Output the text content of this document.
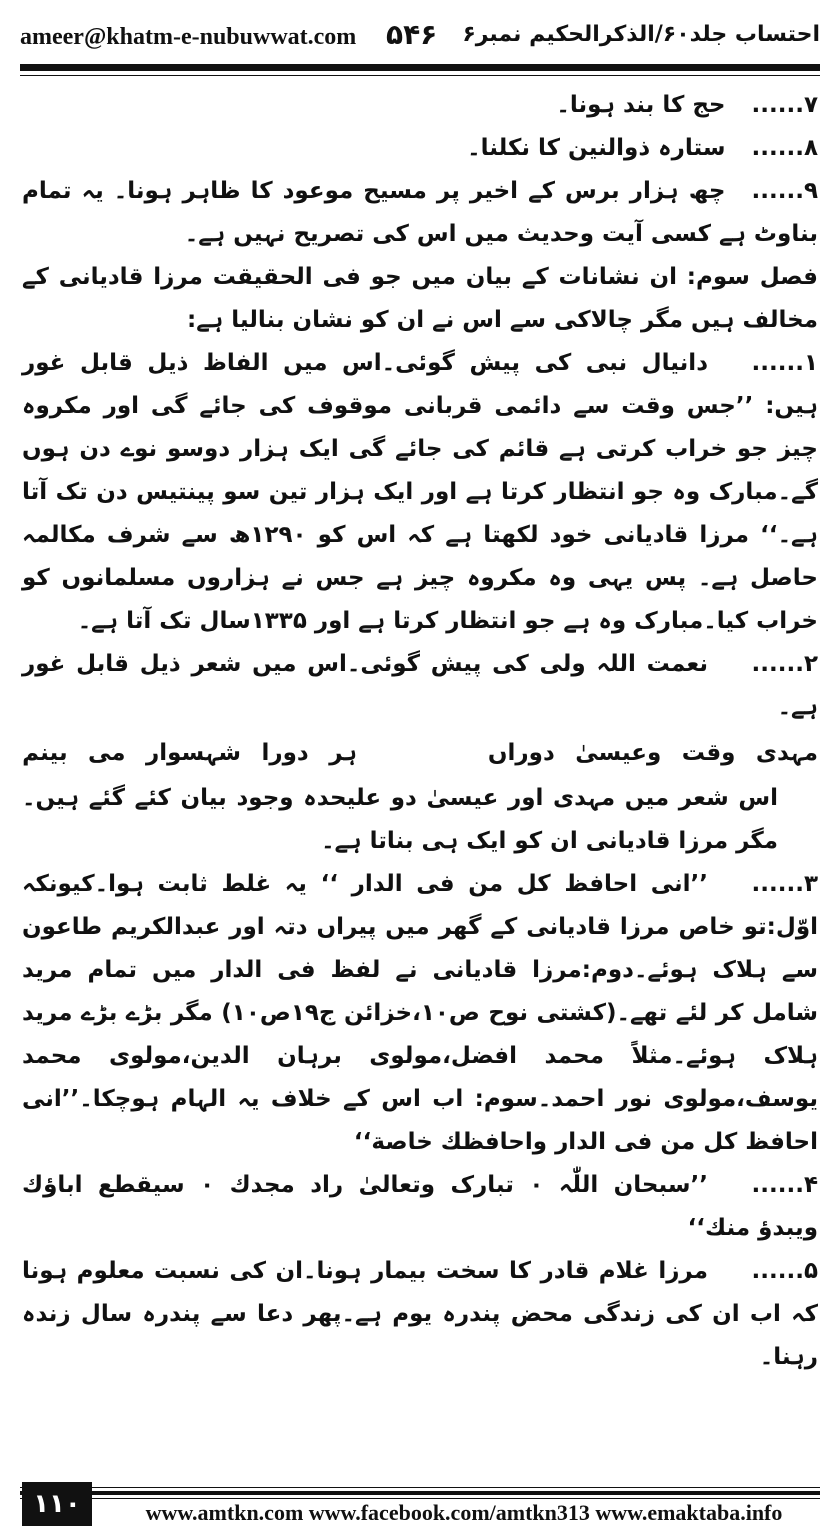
ameer@khatm-e-nubuwwat.com ۵۴۶ احتساب جلد۶۰/الذکرالحکیم نمبر۶

۷......حج کا بند ہونا۔

۸......ستارہ ذوالنین کا نکلنا۔

۹......چھ ہزار برس کے اخیر پر مسیح موعود کا ظاہر ہونا۔ یہ تمام بناوٹ ہے کسی آیت وحدیث میں اس کی تصریح نہیں ہے۔

فصل سوم: ان نشانات کے بیان میں جو فی الحقیقت مرزا قادیانی کے مخالف ہیں مگر چالاکی سے اس نے ان کو نشان بنالیا ہے:

۱......دانیال نبی کی پیش گوئی۔اس میں الفاظ ذیل قابل غور ہیں: ’’جس وقت سے دائمی قربانی موقوف کی جائے گی اور مکروہ چیز جو خراب کرتی ہے قائم کی جائے گی ایک ہزار دوسو نوے دن ہوں گے۔مبارک وہ جو انتظار کرتا ہے اور ایک ہزار تین سو پینتیس دن تک آتا ہے۔‘‘ مرزا قادیانی خود لکھتا ہے کہ اس کو ۱۲۹۰ھ سے شرف مکالمہ حاصل ہے۔ پس یہی وہ مکروہ چیز ہے جس نے ہزاروں مسلمانوں کو خراب کیا۔مبارک وہ ہے جو انتظار کرتا ہے اور ۱۳۳۵سال تک آتا ہے۔

۲......نعمت اللہ ولی کی پیش گوئی۔اس میں شعر ذیل قابل غور ہے۔

مہدی
وقت
وعیسیٰ
دوراں
ہر
دورا
شہسوار
می
بینم

اس شعر میں مہدی اور عیسیٰ دو علیحدہ وجود بیان کئے گئے ہیں۔مگر مرزا قادیانی ان کو ایک ہی بناتا ہے۔

۳......’’انی احافظ کل من فی الدار ‘‘ یہ غلط ثابت ہوا۔کیونکہ اوّل:تو خاص مرزا قادیانی کے گھر میں پیراں دتہ اور عبدالکریم طاعون سے ہلاک ہوئے۔دوم:مرزا قادیانی نے لفظ فی الدار میں تمام مرید شامل کر لئے تھے۔(کشتی نوح ص۱۰،خزائن ج۱۹ص۱۰) مگر بڑے بڑے مرید ہلاک ہوئے۔مثلاً محمد افضل،مولوی برہان الدین،مولوی محمد یوسف،مولوی نور احمد۔سوم: اب اس کے خلاف یہ الہام ہوچکا۔’’انی احافظ کل من فی الدار واحافظك خاصة‘‘

۴......’’سبحان اللّٰہ ۰ تبارک وتعالیٰ راد مجدك ۰ سیقطع اباؤك ویبدؤ منك‘‘

۵......مرزا غلام قادر کا سخت بیمار ہونا۔ان کی نسبت معلوم ہونا کہ اب ان کی زندگی محض پندرہ یوم ہے۔پھر دعا سے پندرہ سال زندہ رہنا۔

۱۱۰	www.amtkn.com www.facebook.com/amtkn313 www.emaktaba.info
